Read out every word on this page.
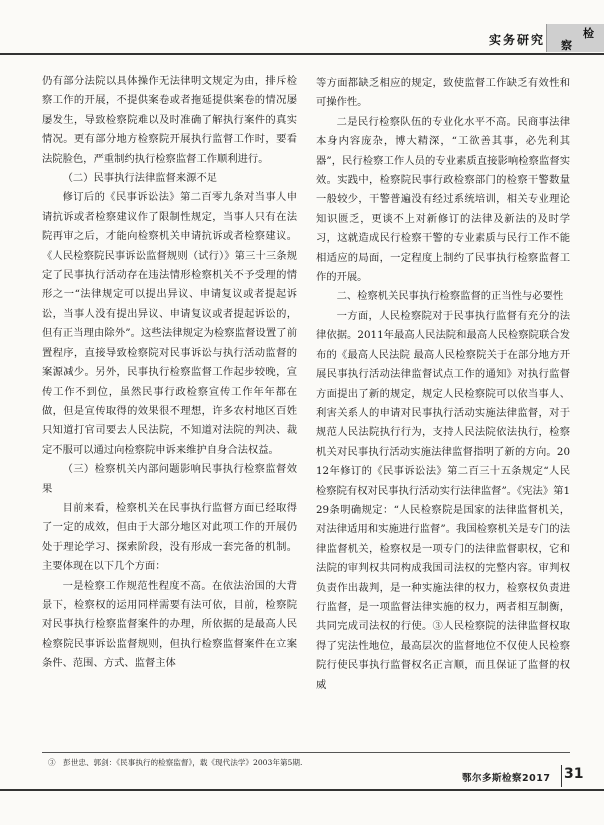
实务研究	检
察

仍有部分法院以具体操作无法律明文规定为由，排斥检察工作的开展，不提供案卷或者拖延提供案卷的情况屡屡发生，导致检察院难以及时准确了解执行案件的真实情况。更有部分地方检察院开展执行监督工作时，要看法院脸色，严重制约执行检察监督工作顺利进行。

（二）民事执行法律监督来源不足

修订后的《民事诉讼法》第二百零九条对当事人申请抗诉或者检察建议作了限制性规定，当事人只有在法院再审之后，才能向检察机关申请抗诉或者检察建议。《人民检察院民事诉讼监督规则（试行）》第三十三条规定了民事执行活动存在违法情形检察机关不予受理的情形之一“法律规定可以提出异议、申请复议或者提起诉讼，当事人没有提出异议、申请复议或者提起诉讼的，但有正当理由除外”。这些法律规定为检察监督设置了前置程序，直接导致检察院对民事诉讼与执行活动监督的案源减少。另外，民事执行检察监督工作起步较晚，宣传工作不到位，虽然民事行政检察宣传工作年年都在做，但是宣传取得的效果很不理想，许多农村地区百姓只知道打官司要去人民法院，不知道对法院的判决、裁定不服可以通过向检察院申诉来维护自身合法权益。

（三）检察机关内部问题影响民事执行检察监督效果

目前来看，检察机关在民事执行监督方面已经取得了一定的成效，但由于大部分地区对此项工作的开展仍处于理论学习、探索阶段，没有形成一套完备的机制。主要体现在以下几个方面：

一是检察工作规范性程度不高。在依法治国的大背景下，检察权的运用同样需要有法可依，目前，检察院对民事执行检察监督案件的办理，所依据的是最高人民检察院民事诉讼监督规则，但执行检察监督案件在立案条件、范围、方式、监督主体

等方面都缺乏相应的规定，致使监督工作缺乏有效性和可操作性。

二是民行检察队伍的专业化水平不高。民商事法律本身内容庞杂，博大精深，“工欲善其事，必先利其器”，民行检察工作人员的专业素质直接影响检察监督实效。实践中，检察院民事行政检察部门的检察干警数量一般较少，干警普遍没有经过系统培训，相关专业理论知识匮乏，更谈不上对新修订的法律及新法的及时学习，这就造成民行检察干警的专业素质与民行工作不能相适应的局面，一定程度上制约了民事执行检察监督工作的开展。

二、检察机关民事执行检察监督的正当性与必要性

一方面，人民检察院对于民事执行监督有充分的法律依据。2011年最高人民法院和最高人民检察院联合发布的《最高人民法院 最高人民检察院关于在部分地方开展民事执行活动法律监督试点工作的通知》对执行监督方面提出了新的规定，规定人民检察院可以依当事人、利害关系人的申请对民事执行活动实施法律监督，对于规范人民法院执行行为，支持人民法院依法执行，检察机关对民事执行活动实施法律监督指明了新的方向。2012年修订的《民事诉讼法》第二百三十五条规定“人民检察院有权对民事执行活动实行法律监督”。《宪法》第129条明确规定：“人民检察院是国家的法律监督机关，对法律适用和实施进行监督”。我国检察机关是专门的法律监督机关，检察权是一项专门的法律监督职权，它和法院的审判权共同构成我国司法权的完整内容。审判权负责作出裁判，是一种实施法律的权力，检察权负责进行监督，是一项监督法律实施的权力，两者相互制衡，共同完成司法权的行使。③人民检察院的法律监督权取得了宪法性地位，最高层次的监督地位不仅使人民检察院行使民事执行监督权名正言顺，而且保证了监督的权威

③　彭世忠、郭剑：《民事执行的检察监督》，载《现代法学》2003年第5期.
鄂尔多斯检察2017 31
